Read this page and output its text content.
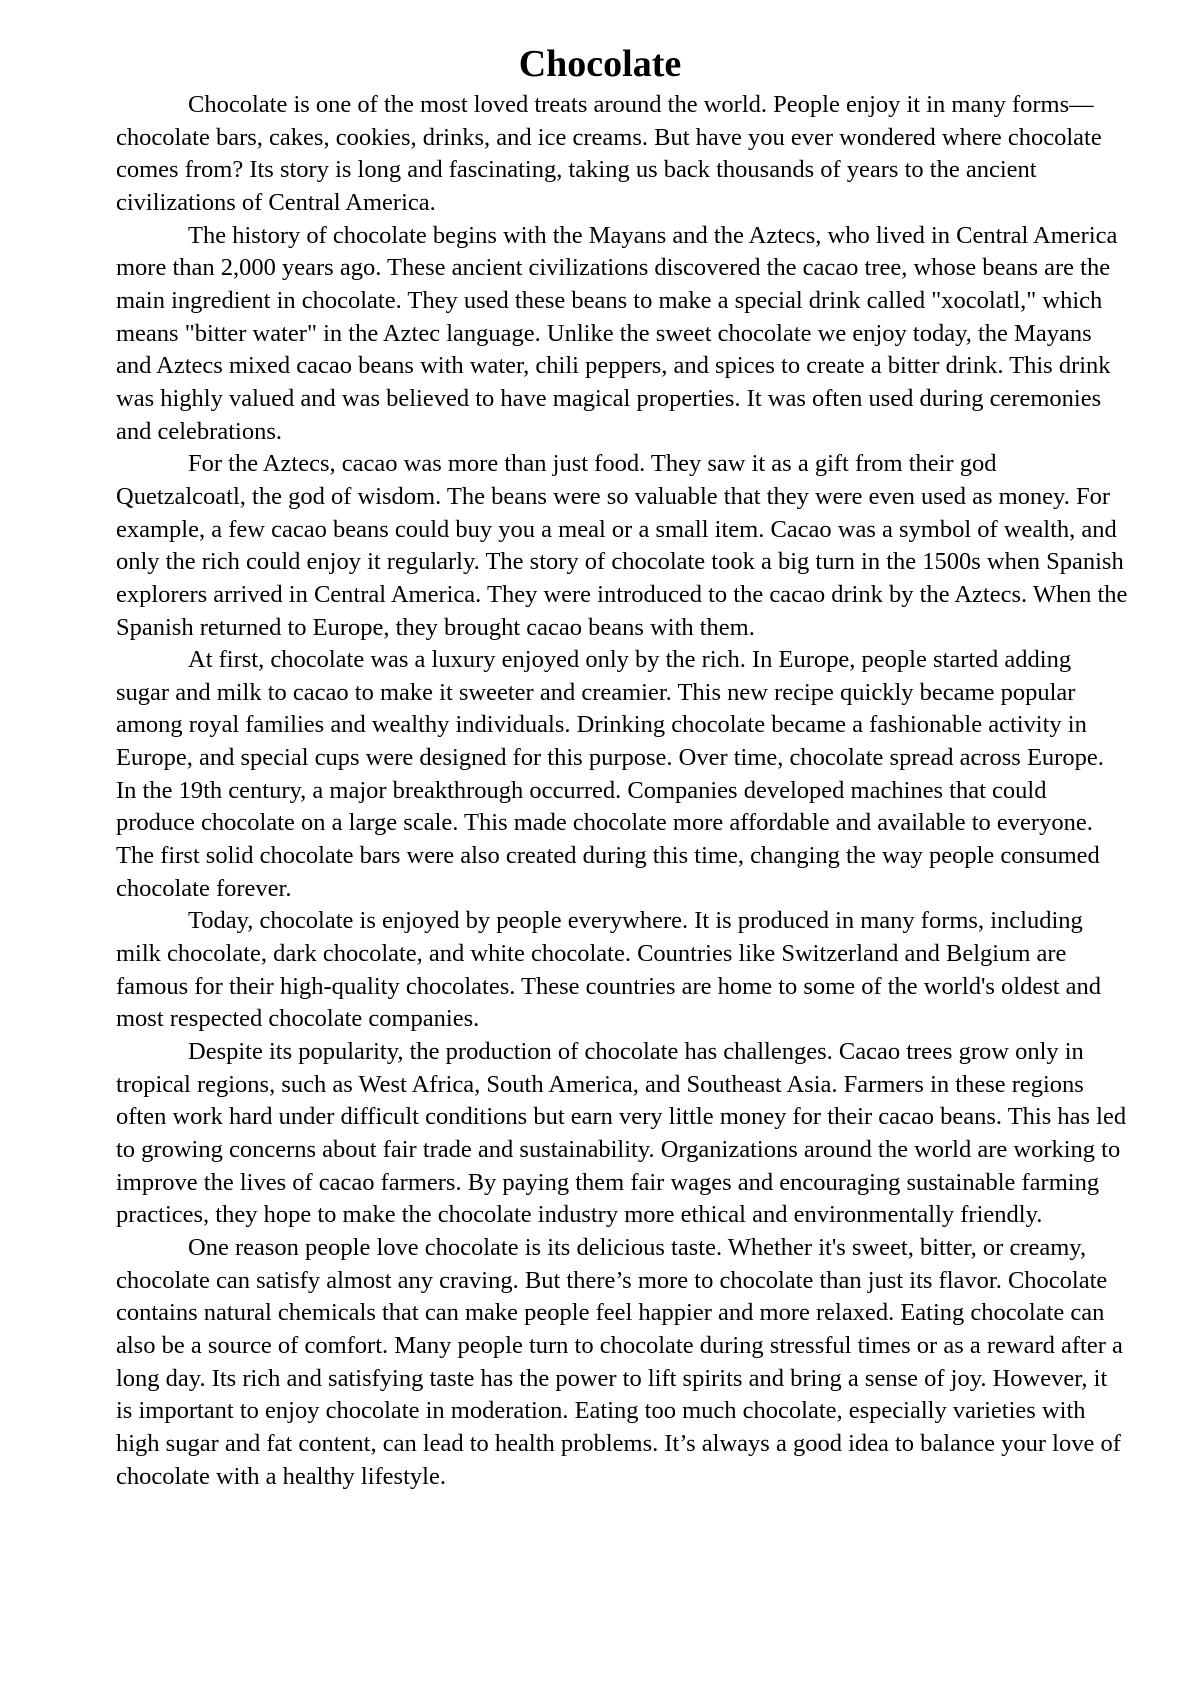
Chocolate

Chocolate is one of the most loved treats around the world. People enjoy it in many forms—chocolate bars, cakes, cookies, drinks, and ice creams. But have you ever wondered where chocolate comes from? Its story is long and fascinating, taking us back thousands of years to the ancient civilizations of Central America.

The history of chocolate begins with the Mayans and the Aztecs, who lived in Central America more than 2,000 years ago. These ancient civilizations discovered the cacao tree, whose beans are the main ingredient in chocolate. They used these beans to make a special drink called "xocolatl," which means "bitter water" in the Aztec language. Unlike the sweet chocolate we enjoy today, the Mayans and Aztecs mixed cacao beans with water, chili peppers, and spices to create a bitter drink. This drink was highly valued and was believed to have magical properties. It was often used during ceremonies and celebrations.

For the Aztecs, cacao was more than just food. They saw it as a gift from their god Quetzalcoatl, the god of wisdom. The beans were so valuable that they were even used as money. For example, a few cacao beans could buy you a meal or a small item. Cacao was a symbol of wealth, and only the rich could enjoy it regularly. The story of chocolate took a big turn in the 1500s when Spanish explorers arrived in Central America. They were introduced to the cacao drink by the Aztecs. When the Spanish returned to Europe, they brought cacao beans with them.

At first, chocolate was a luxury enjoyed only by the rich. In Europe, people started adding sugar and milk to cacao to make it sweeter and creamier. This new recipe quickly became popular among royal families and wealthy individuals. Drinking chocolate became a fashionable activity in Europe, and special cups were designed for this purpose. Over time, chocolate spread across Europe. In the 19th century, a major breakthrough occurred. Companies developed machines that could produce chocolate on a large scale. This made chocolate more affordable and available to everyone. The first solid chocolate bars were also created during this time, changing the way people consumed chocolate forever.

Today, chocolate is enjoyed by people everywhere. It is produced in many forms, including milk chocolate, dark chocolate, and white chocolate. Countries like Switzerland and Belgium are famous for their high-quality chocolates. These countries are home to some of the world's oldest and most respected chocolate companies.

Despite its popularity, the production of chocolate has challenges. Cacao trees grow only in tropical regions, such as West Africa, South America, and Southeast Asia. Farmers in these regions often work hard under difficult conditions but earn very little money for their cacao beans. This has led to growing concerns about fair trade and sustainability. Organizations around the world are working to improve the lives of cacao farmers. By paying them fair wages and encouraging sustainable farming practices, they hope to make the chocolate industry more ethical and environmentally friendly.

One reason people love chocolate is its delicious taste. Whether it's sweet, bitter, or creamy, chocolate can satisfy almost any craving. But there’s more to chocolate than just its flavor. Chocolate contains natural chemicals that can make people feel happier and more relaxed. Eating chocolate can also be a source of comfort. Many people turn to chocolate during stressful times or as a reward after a long day. Its rich and satisfying taste has the power to lift spirits and bring a sense of joy. However, it is important to enjoy chocolate in moderation. Eating too much chocolate, especially varieties with high sugar and fat content, can lead to health problems. It’s always a good idea to balance your love of chocolate with a healthy lifestyle.
